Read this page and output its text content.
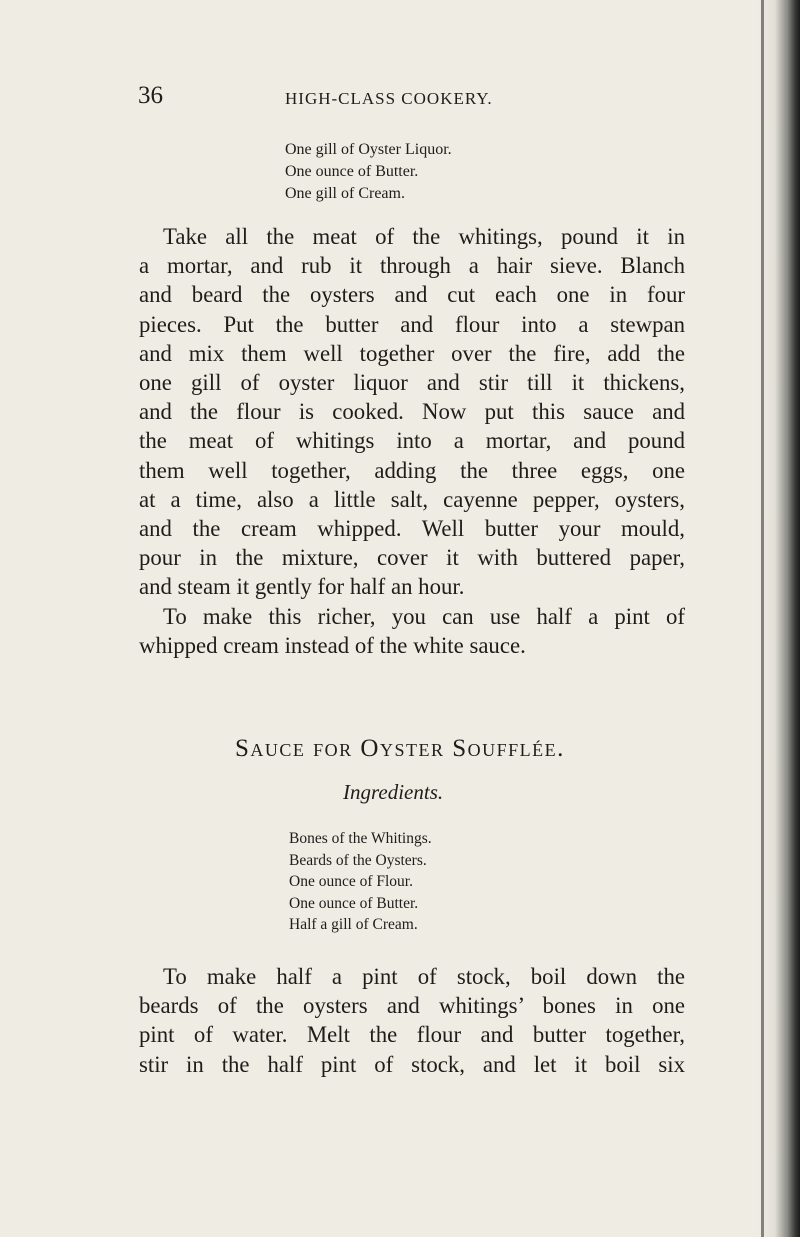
36	HIGH-CLASS COOKERY.
One gill of Oyster Liquor.
One ounce of Butter.
One gill of Cream.
Take all the meat of the whitings, pound it in
a mortar, and rub it through a hair sieve. Blanch
and beard the oysters and cut each one in four
pieces. Put the butter and flour into a stewpan
and mix them well together over the fire, add the
one gill of oyster liquor and stir till it thickens,
and the flour is cooked. Now put this sauce and
the meat of whitings into a mortar, and pound
them well together, adding the three eggs, one
at a time, also a little salt, cayenne pepper, oysters,
and the cream whipped. Well butter your mould,
pour in the mixture, cover it with buttered paper,
and steam it gently for half an hour.
To make this richer, you can use half a pint of
whipped cream instead of the white sauce.
Sauce for Oyster Soufflée.
Ingredients.
Bones of the Whitings.
Beards of the Oysters.
One ounce of Flour.
One ounce of Butter.
Half a gill of Cream.
To make half a pint of stock, boil down the
beards of the oysters and whitings’ bones in one
pint of water. Melt the flour and butter together,
stir in the half pint of stock, and let it boil six
